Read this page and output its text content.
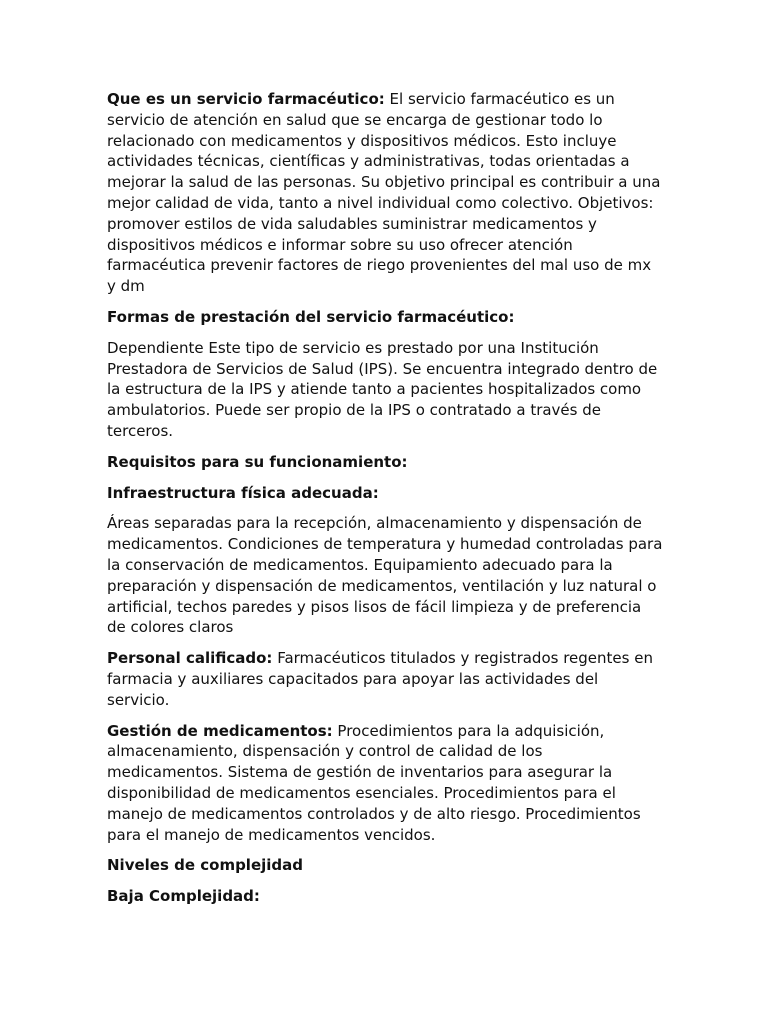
Que es un servicio farmacéutico: El servicio farmacéutico es un servicio de atención en salud que se encarga de gestionar todo lo relacionado con medicamentos y dispositivos médicos. Esto incluye actividades técnicas, científicas y administrativas, todas orientadas a mejorar la salud de las personas. Su objetivo principal es contribuir a una mejor calidad de vida, tanto a nivel individual como colectivo. Objetivos: promover estilos de vida saludables suministrar medicamentos y dispositivos médicos e informar sobre su uso ofrecer atención farmacéutica prevenir factores de riego provenientes del mal uso de mx y dm

Formas de prestación del servicio farmacéutico:

Dependiente Este tipo de servicio es prestado por una Institución Prestadora de Servicios de Salud (IPS). Se encuentra integrado dentro de la estructura de la IPS y atiende tanto a pacientes hospitalizados como ambulatorios. Puede ser propio de la IPS o contratado a través de terceros.

Requisitos para su funcionamiento:

Infraestructura física adecuada:

Áreas separadas para la recepción, almacenamiento y dispensación de medicamentos. Condiciones de temperatura y humedad controladas para la conservación de medicamentos. Equipamiento adecuado para la preparación y dispensación de medicamentos, ventilación y luz natural o artificial, techos paredes y pisos lisos de fácil limpieza y de preferencia de colores claros

Personal calificado: Farmacéuticos titulados y registrados regentes en farmacia y auxiliares capacitados para apoyar las actividades del servicio.

Gestión de medicamentos: Procedimientos para la adquisición, almacenamiento, dispensación y control de calidad de los medicamentos. Sistema de gestión de inventarios para asegurar la disponibilidad de medicamentos esenciales. Procedimientos para el manejo de medicamentos controlados y de alto riesgo. Procedimientos para el manejo de medicamentos vencidos.

Niveles de complejidad

Baja Complejidad:
